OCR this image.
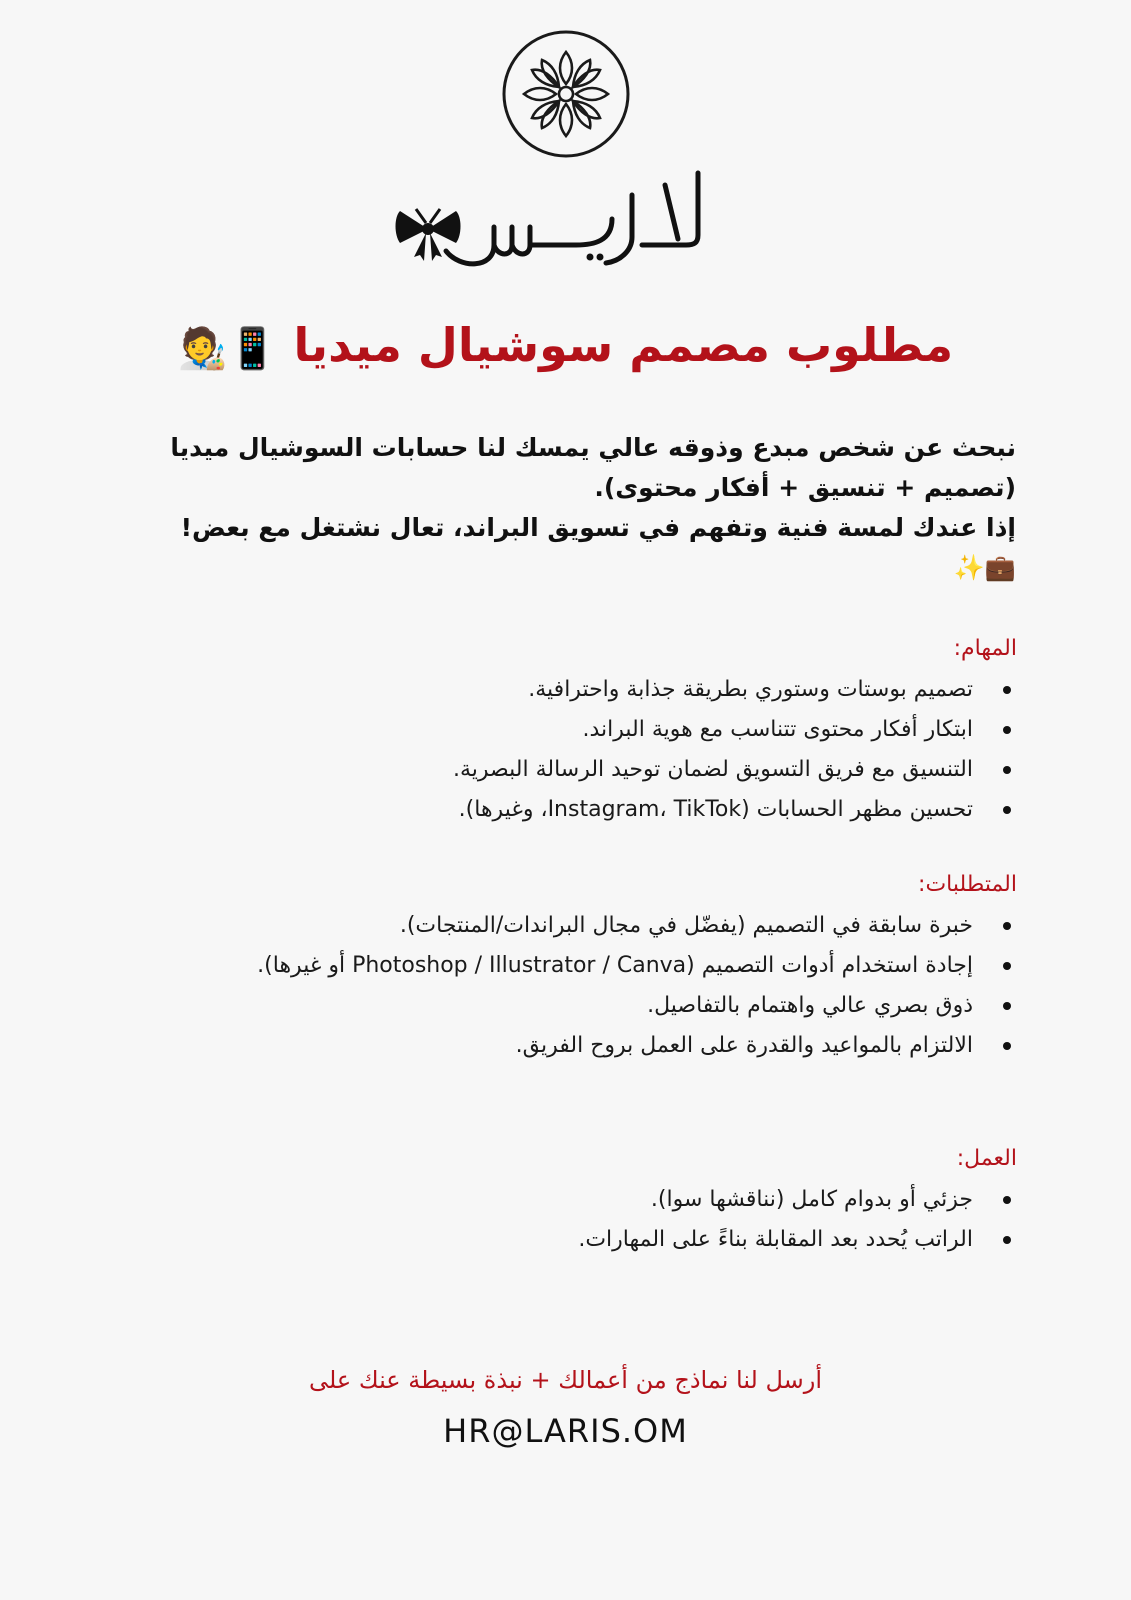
مطلوب مصمم سوشيال ميديا 📱🧑‍🎨

نبحث عن شخص مبدع وذوقه عالي يمسك لنا حسابات السوشيال ميديا (تصميم + تنسيق + أفكار محتوى).

إذا عندك لمسة فنية وتفهم في تسويق البراند، تعال نشتغل مع بعض! 💼✨

المهام:
تصميم بوستات وستوري بطريقة جذابة واحترافية.
ابتكار أفكار محتوى تتناسب مع هوية البراند.
التنسيق مع فريق التسويق لضمان توحيد الرسالة البصرية.
تحسين مظهر الحسابات (Instagram، TikTok، وغيرها).
المتطلبات:
خبرة سابقة في التصميم (يفضّل في مجال البراندات/المنتجات).
إجادة استخدام أدوات التصميم (Photoshop / Illustrator / Canva أو غيرها).
ذوق بصري عالي واهتمام بالتفاصيل.
الالتزام بالمواعيد والقدرة على العمل بروح الفريق.
العمل:
جزئي أو بدوام كامل (نناقشها سوا).
الراتب يُحدد بعد المقابلة بناءً على المهارات.
أرسل لنا نماذج من أعمالك + نبذة بسيطة عنك على
HR@LARIS.OM
